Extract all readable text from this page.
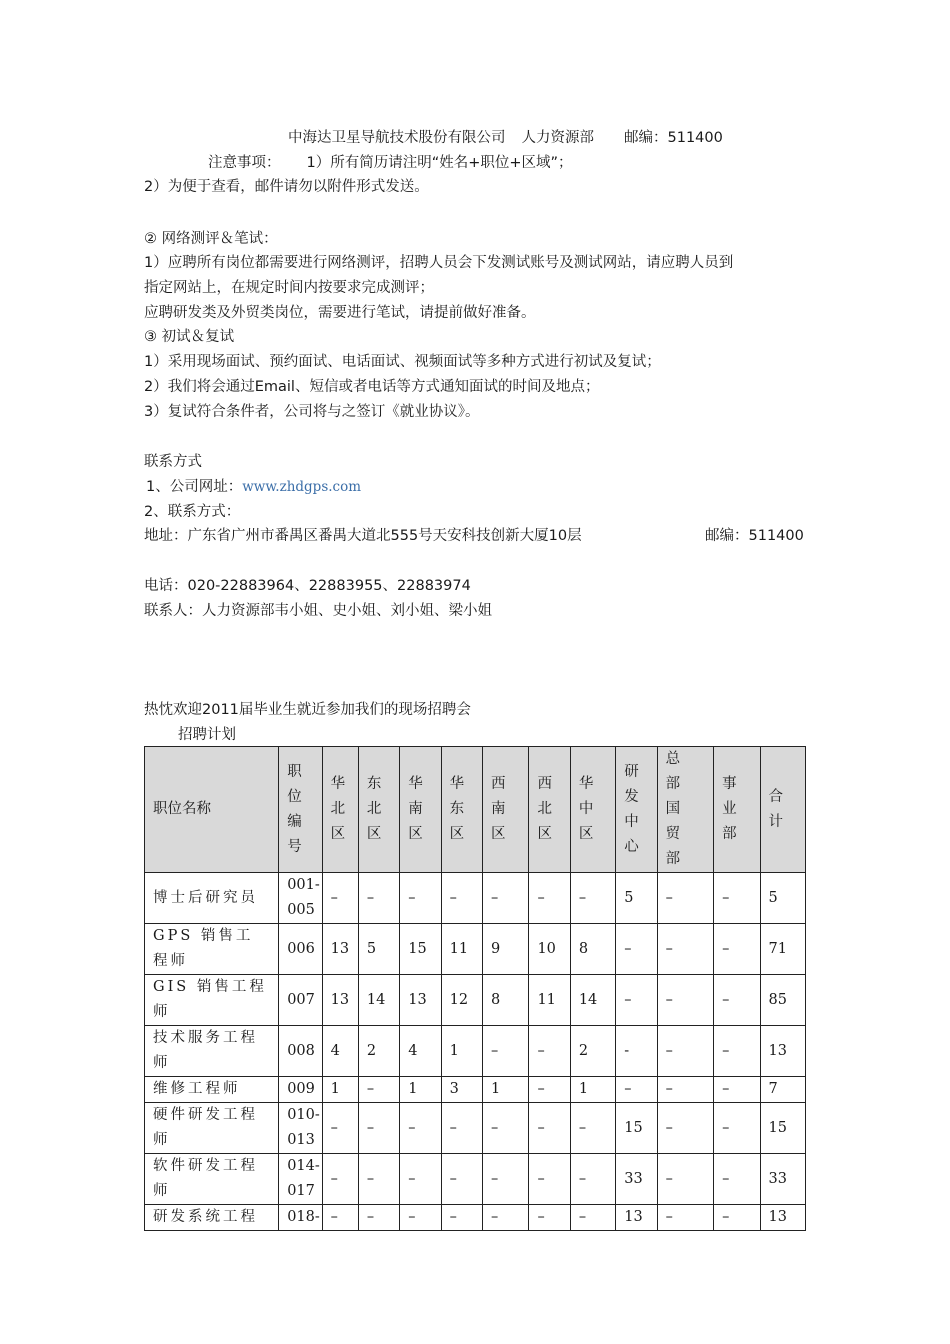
中海达卫星导航技术股份有限公司 人力资源部 邮编：511400
注意事项： 1）所有简历请注明“姓名+职位+区域”；
2）为便于查看，邮件请勿以附件形式发送。
② 网络测评＆笔试：
1）应聘所有岗位都需要进行网络测评，招聘人员会下发测试账号及测试网站，请应聘人员到
指定网站上，在规定时间内按要求完成测评；
应聘研发类及外贸类岗位，需要进行笔试，请提前做好准备。
③ 初试＆复试
1）采用现场面试、预约面试、电话面试、视频面试等多种方式进行初试及复试；
2）我们将会通过Email、短信或者电话等方式通知面试的时间及地点；
3）复试符合条件者，公司将与之签订《就业协议》。
联系方式
1、公司网址：www.zhdgps.com
2、联系方式：
地址：广东省广州市番禺区番禺大道北555号天安科技创新大厦10层	邮编：511400
电话：020-22883964、22883955、22883974
联系人：人力资源部韦小姐、史小姐、刘小姐、梁小姐
热忱欢迎2011届毕业生就近参加我们的现场招聘会
招聘计划
职位名称	职
位
编
号	华
北
区	东
北
区	华
南
区	华
东
区	西
南
区	西
北
区	华
中
区	研
发
中
心	总部
国贸
部	事
业
部	合
计

博士后研究员	001-005	–	–	–	–	–	–	–	5	–	–	5
GPS 销售工程师	006	13	5	15	11	9	10	8	–	–	–	71
GIS 销售工程师	007	13	14	13	12	8	11	14	–	–	–	85
技术服务工程师	008	4	2	4	1	–	–	2	-	–	–	13
维修工程师	009	1	–	1	3	1	–	1	–	–	–	7
硬件研发工程师	010-013	–	–	–	–	–	–	–	15	–	–	15
软件研发工程师	014-017	–	–	–	–	–	–	–	33	–	–	33
研发系统工程	018-	–	–	–	–	–	–	–	13	–	–	13
